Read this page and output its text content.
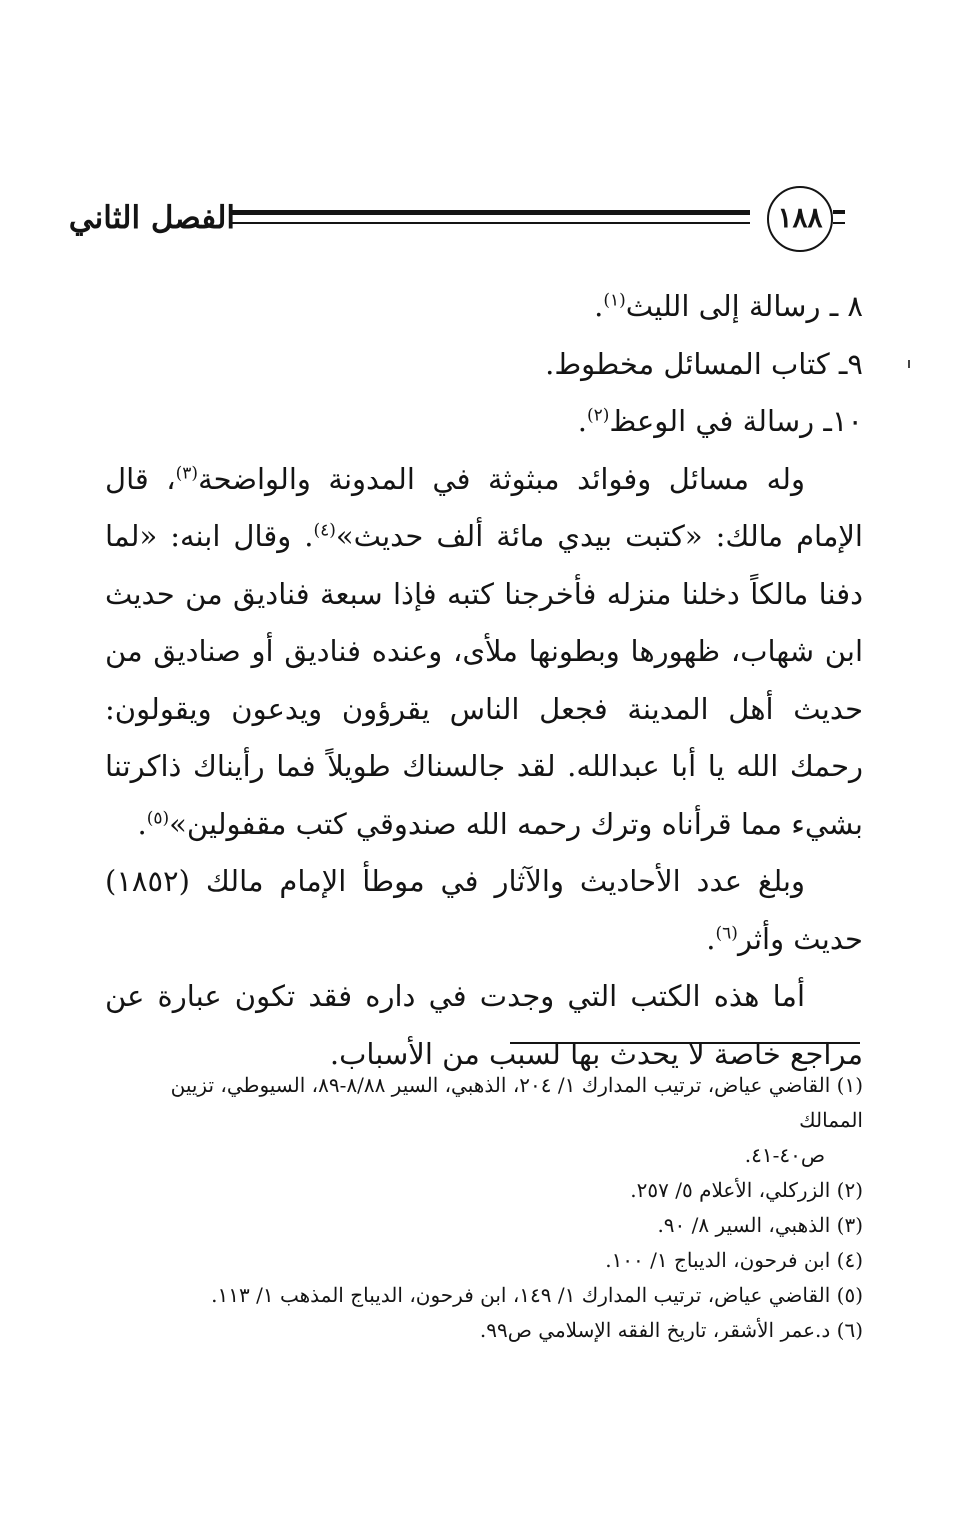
الفصل الثاني	١٨٨

٨ ـ رسالة إلى الليث$^{(١)}$.

٩ـ كتاب المسائل مخطوط.

١٠ـ رسالة في الوعظ$^{(٢)}$.

وله مسائل وفوائد مبثوثة في المدونة والواضحة$^{(٣)}$، قال الإمام مالك: «كتبت بيدي مائة ألف حديث»$^{(٤)}$. وقال ابنه: «لما دفنا مالكاً دخلنا منزله فأخرجنا كتبه فإذا سبعة فناديق من حديث ابن شهاب، ظهورها وبطونها ملأى، وعنده فناديق أو صناديق من حديث أهل المدينة فجعل الناس يقرؤون ويدعون ويقولون: رحمك الله يا أبا عبدالله. لقد جالسناك طويلاً فما رأيناك ذاكرتنا بشيء مما قرأناه وترك رحمه الله صندوقي كتب مقفولين»$^{(٥)}$.

وبلغ عدد الأحاديث والآثار في موطأ الإمام مالك (١٨٥٢) حديث وأثر$^{(٦)}$.

أما هذه الكتب التي وجدت في داره فقد تكون عبارة عن مراجع خاصة لا يحدث بها لسبب من الأسباب.

(١) القاضي عياض، ترتيب المدارك ١/ ٢٠٤، الذهبي، السير ٨/٨٨-٨٩، السيوطي، تزيين الممالك

ص٤٠-٤١.

(٢) الزركلي، الأعلام ٥/ ٢٥٧.

(٣) الذهبي، السير ٨/ ٩٠.

(٤) ابن فرحون، الديباج ١/ ١٠٠.

(٥) القاضي عياض، ترتيب المدارك ١/ ١٤٩، ابن فرحون، الديباج المذهب ١/ ١١٣.

(٦) د.عمر الأشقر، تاريخ الفقه الإسلامي ص٩٩.
